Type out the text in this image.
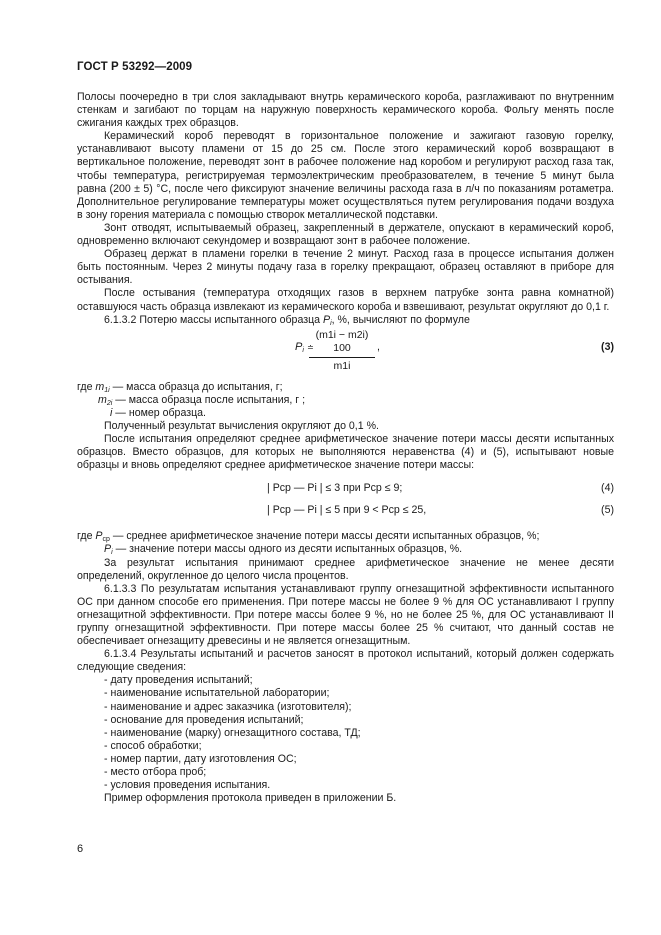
ГОСТ Р 53292—2009

Полосы поочередно в три слоя закладывают внутрь керамического короба, разглаживают по внутренним стенкам и загибают по торцам на наружную поверхность керамического короба. Фольгу менять после сжигания каждых трех образцов.

Керамический короб переводят в горизонтальное положение и зажигают газовую горелку, устанавливают высоту пламени от 15 до 25 см. После этого керамический короб возвращают в вертикальное положение, переводят зонт в рабочее положение над коробом и регулируют расход газа так, чтобы температура, регистрируемая термоэлектрическим преобразователем, в течение 5 минут была равна (200 ± 5) °С, после чего фиксируют значение величины расхода газа в л/ч по показаниям ротаметра. Дополнительное регулирование температуры может осуществляться путем регулирования подачи воздуха в зону горения материала с помощью створок металлической подставки.

Зонт отводят, испытываемый образец, закрепленный в держателе, опускают в керамический короб, одновременно включают секундомер и возвращают зонт в рабочее положение.

Образец держат в пламени горелки в течение 2 минут. Расход газа в процессе испытания должен быть постоянным. Через 2 минуты подачу газа в горелку прекращают, образец оставляют в приборе для остывания.

После остывания (температура отходящих газов в верхнем патрубке зонта равна комнатной) оставшуюся часть образца извлекают из керамического короба и взвешивают, результат округляют до 0,1 г.

6.1.3.2 Потерю массы испытанного образца $P_i$, %, вычисляют по формуле

$P_i$ ≐
$\frac{(m1i - m2i) 100}{m1i}$ ,	(3)
где $m_{1i}$ — масса образца до испытания, г;
$m_{2i}$ — масса образца после испытания, г ;
i — номер образца.

Полученный результат вычисления округляют до 0,1 %.

После испытания определяют среднее арифметическое значение потери массы десяти испытанных образцов. Вместо образцов, для которых не выполняются неравенства (4) и (5), испытывают новые образцы и вновь определяют среднее арифметическое значение потери массы:

| Pср — Pi | ≤ 3 при Pср ≤ 9;	(4)
| Pср — Pi | ≤ 5 при 9 < Pср ≤ 25,	(5)
где $P_{ср}$ — среднее арифметическое значение потери массы десяти испытанных образцов, %;
$P_i$ — значение потери массы одного из десяти испытанных образцов, %.

За результат испытания принимают среднее арифметическое значение не менее десяти определений, округленное до целого числа процентов.

6.1.3.3 По результатам испытания устанавливают группу огнезащитной эффективности испытанного ОС при данном способе его применения. При потере массы не более 9 % для ОС устанавливают I группу огнезащитной эффективности. При потере массы более 9 %, но не более 25 %, для ОС устанавливают II группу огнезащитной эффективности. При потере массы более 25 % считают, что данный состав не обеспечивает огнезащиту древесины и не является огнезащитным.

6.1.3.4 Результаты испытаний и расчетов заносят в протокол испытаний, который должен содержать следующие сведения:

- дату проведения испытаний;
- наименование испытательной лаборатории;
- наименование и адрес заказчика (изготовителя);
- основание для проведения испытаний;
- наименование (марку) огнезащитного состава, ТД;
- способ обработки;
- номер партии, дату изготовления ОС;
- место отбора проб;
- условия проведения испытания.

Пример оформления протокола приведен в приложении Б.

6
